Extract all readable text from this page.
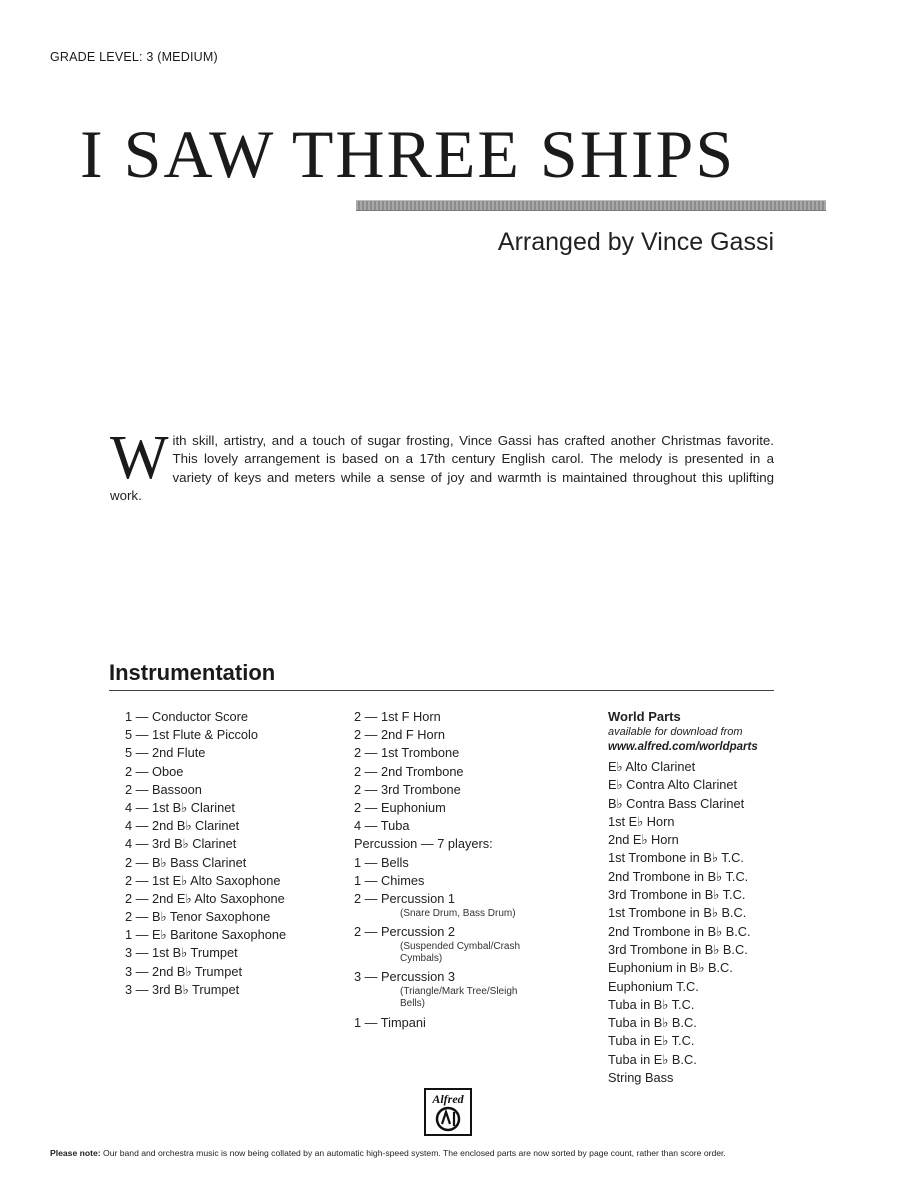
GRADE LEVEL: 3 (MEDIUM)
I SAW THREE SHIPS
Arranged by Vince Gassi
With skill, artistry, and a touch of sugar frosting, Vince Gassi has crafted another Christmas favorite. This lovely arrangement is based on a 17th century English carol. The melody is presented in a variety of keys and meters while a sense of joy and warmth is maintained throughout this uplifting work.
Instrumentation
1 — Conductor Score
5 — 1st Flute & Piccolo
5 — 2nd Flute
2 — Oboe
2 — Bassoon
4 — 1st B♭ Clarinet
4 — 2nd B♭ Clarinet
4 — 3rd B♭ Clarinet
2 — B♭ Bass Clarinet
2 — 1st E♭ Alto Saxophone
2 — 2nd E♭ Alto Saxophone
2 — B♭ Tenor Saxophone
1 — E♭ Baritone Saxophone
3 — 1st B♭ Trumpet
3 — 2nd B♭ Trumpet
3 — 3rd B♭ Trumpet
2 — 1st F Horn
2 — 2nd F Horn
2 — 1st Trombone
2 — 2nd Trombone
2 — 3rd Trombone
2 — Euphonium
4 — Tuba
Percussion — 7 players:
1 — Bells
1 — Chimes
2 — Percussion 1
(Snare Drum, Bass Drum)
2 — Percussion 2
(Suspended Cymbal/Crash
Cymbals)
3 — Percussion 3
(Triangle/Mark Tree/Sleigh
Bells)
1 — Timpani
World Parts
available for download from
www.alfred.com/worldparts
E♭ Alto Clarinet
E♭ Contra Alto Clarinet
B♭ Contra Bass Clarinet
1st E♭ Horn
2nd E♭ Horn
1st Trombone in B♭ T.C.
2nd Trombone in B♭ T.C.
3rd Trombone in B♭ T.C.
1st Trombone in B♭ B.C.
2nd Trombone in B♭ B.C.
3rd Trombone in B♭ B.C.
Euphonium in B♭ B.C.
Euphonium T.C.
Tuba in B♭ T.C.
Tuba in B♭ B.C.
Tuba in E♭ T.C.
Tuba in E♭ B.C.
String Bass
Alfred
Please note: Our band and orchestra music is now being collated by an automatic high-speed system. The enclosed parts are now sorted by page count, rather than score order.
